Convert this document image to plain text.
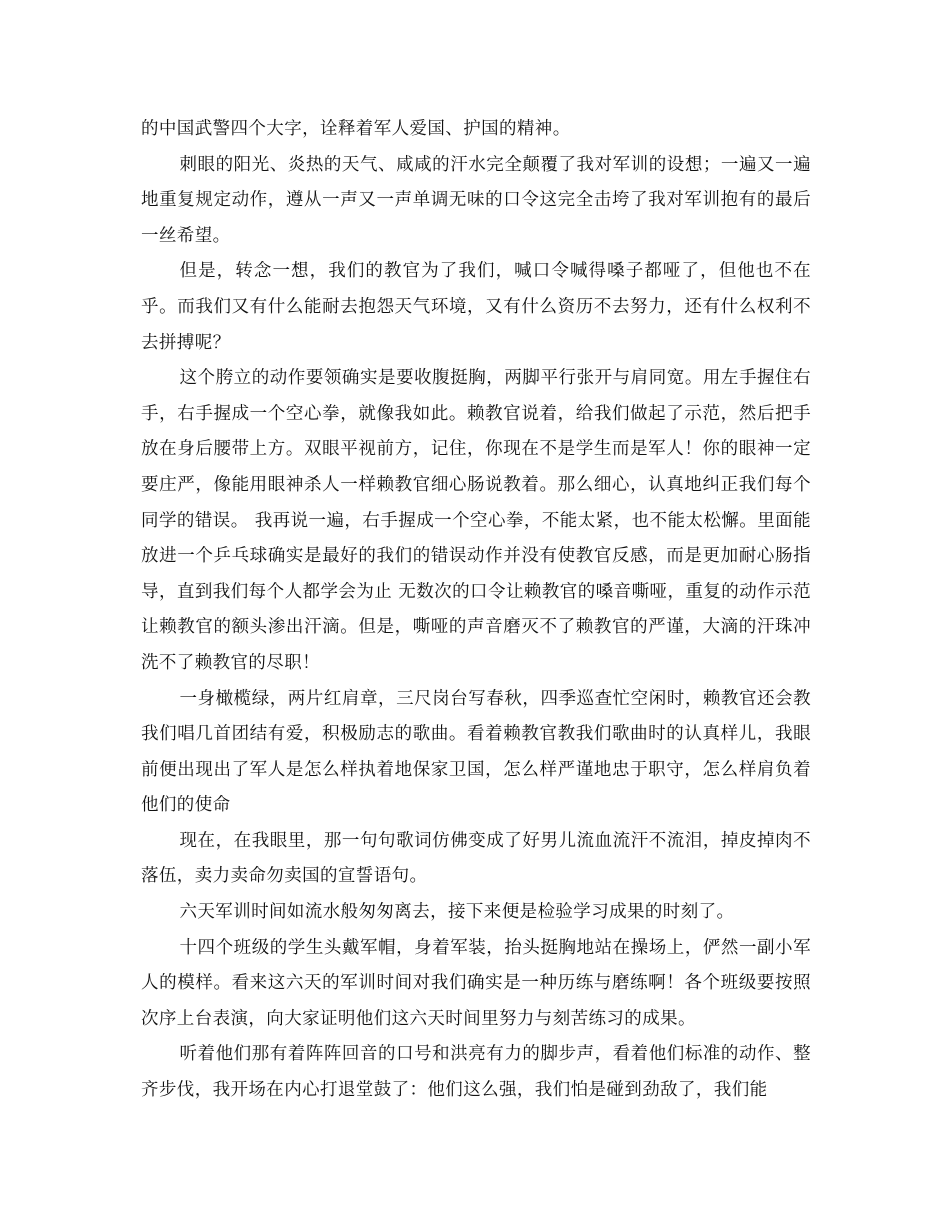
的中国武警四个大字，诠释着军人爱国、护国的精神。

刺眼的阳光、炎热的天气、咸咸的汗水完全颠覆了我对军训的设想；一遍又一遍地重复规定动作，遵从一声又一声单调无味的口令这完全击垮了我对军训抱有的最后一丝希望。

但是，转念一想，我们的教官为了我们，喊口令喊得嗓子都哑了，但他也不在乎。而我们又有什么能耐去抱怨天气环境，又有什么资历不去努力，还有什么权利不去拼搏呢？

这个胯立的动作要领确实是要收腹挺胸，两脚平行张开与肩同宽。用左手握住右手，右手握成一个空心拳，就像我如此。赖教官说着，给我们做起了示范，然后把手放在身后腰带上方。双眼平视前方，记住，你现在不是学生而是军人！你的眼神一定要庄严，像能用眼神杀人一样赖教官细心肠说教着。那么细心，认真地纠正我们每个同学的错误。 我再说一遍，右手握成一个空心拳，不能太紧，也不能太松懈。里面能放进一个乒乓球确实是最好的我们的错误动作并没有使教官反感，而是更加耐心肠指导，直到我们每个人都学会为止 无数次的口令让赖教官的嗓音嘶哑，重复的动作示范让赖教官的额头渗出汗滴。但是，嘶哑的声音磨灭不了赖教官的严谨，大滴的汗珠冲洗不了赖教官的尽职！

一身橄榄绿，两片红肩章，三尺岗台写春秋，四季巡查忙空闲时，赖教官还会教我们唱几首团结有爱，积极励志的歌曲。看着赖教官教我们歌曲时的认真样儿，我眼前便出现出了军人是怎么样执着地保家卫国，怎么样严谨地忠于职守，怎么样肩负着他们的使命

现在，在我眼里，那一句句歌词仿佛变成了好男儿流血流汗不流泪，掉皮掉肉不落伍，卖力卖命勿卖国的宣誓语句。

六天军训时间如流水般匆匆离去，接下来便是检验学习成果的时刻了。

十四个班级的学生头戴军帽，身着军装，抬头挺胸地站在操场上，俨然一副小军人的模样。看来这六天的军训时间对我们确实是一种历练与磨练啊！各个班级要按照次序上台表演，向大家证明他们这六天时间里努力与刻苦练习的成果。

听着他们那有着阵阵回音的口号和洪亮有力的脚步声，看着他们标准的动作、整齐步伐，我开场在内心打退堂鼓了：他们这么强，我们怕是碰到劲敌了，我们能
